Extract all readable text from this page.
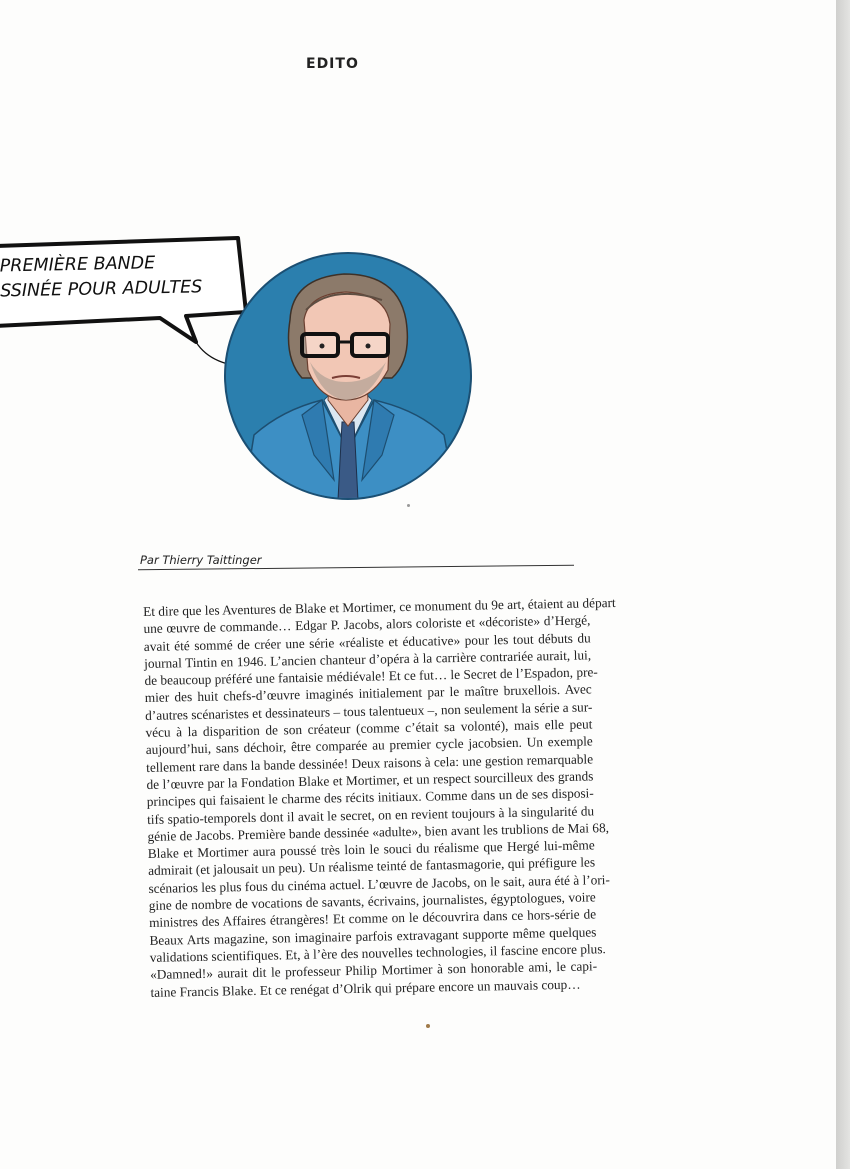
EDITO
PREMIÈRE BANDE
SSINÉE POUR ADULTES
Par Thierry Taittinger
Et dire que les Aventures de Blake et Mortimer, ce monument du 9e art, étaient au départ
une œuvre de commande… Edgar P. Jacobs, alors coloriste et «décoriste» d’Hergé,
avait été sommé de créer une série «réaliste et éducative» pour les tout débuts du
journal Tintin en 1946. L’ancien chanteur d’opéra à la carrière contrariée aurait, lui,
de beaucoup préféré une fantaisie médiévale! Et ce fut… le Secret de l’Espadon, pre-
mier des huit chefs-d’œuvre imaginés initialement par le maître bruxellois. Avec
d’autres scénaristes et dessinateurs – tous talentueux –, non seulement la série a sur-
vécu à la disparition de son créateur (comme c’était sa volonté), mais elle peut
aujourd’hui, sans déchoir, être comparée au premier cycle jacobsien. Un exemple
tellement rare dans la bande dessinée! Deux raisons à cela: une gestion remarquable
de l’œuvre par la Fondation Blake et Mortimer, et un respect sourcilleux des grands
principes qui faisaient le charme des récits initiaux. Comme dans un de ses disposi-
tifs spatio-temporels dont il avait le secret, on en revient toujours à la singularité du
génie de Jacobs. Première bande dessinée «adulte», bien avant les trublions de Mai 68,
Blake et Mortimer aura poussé très loin le souci du réalisme que Hergé lui-même
admirait (et jalousait un peu). Un réalisme teinté de fantasmagorie, qui préfigure les
scénarios les plus fous du cinéma actuel. L’œuvre de Jacobs, on le sait, aura été à l’ori-
gine de nombre de vocations de savants, écrivains, journalistes, égyptologues, voire
ministres des Affaires étrangères! Et comme on le découvrira dans ce hors-série de
Beaux Arts magazine, son imaginaire parfois extravagant supporte même quelques
validations scientifiques. Et, à l’ère des nouvelles technologies, il fascine encore plus.
«Damned!» aurait dit le professeur Philip Mortimer à son honorable ami, le capi-
taine Francis Blake. Et ce renégat d’Olrik qui prépare encore un mauvais coup…
